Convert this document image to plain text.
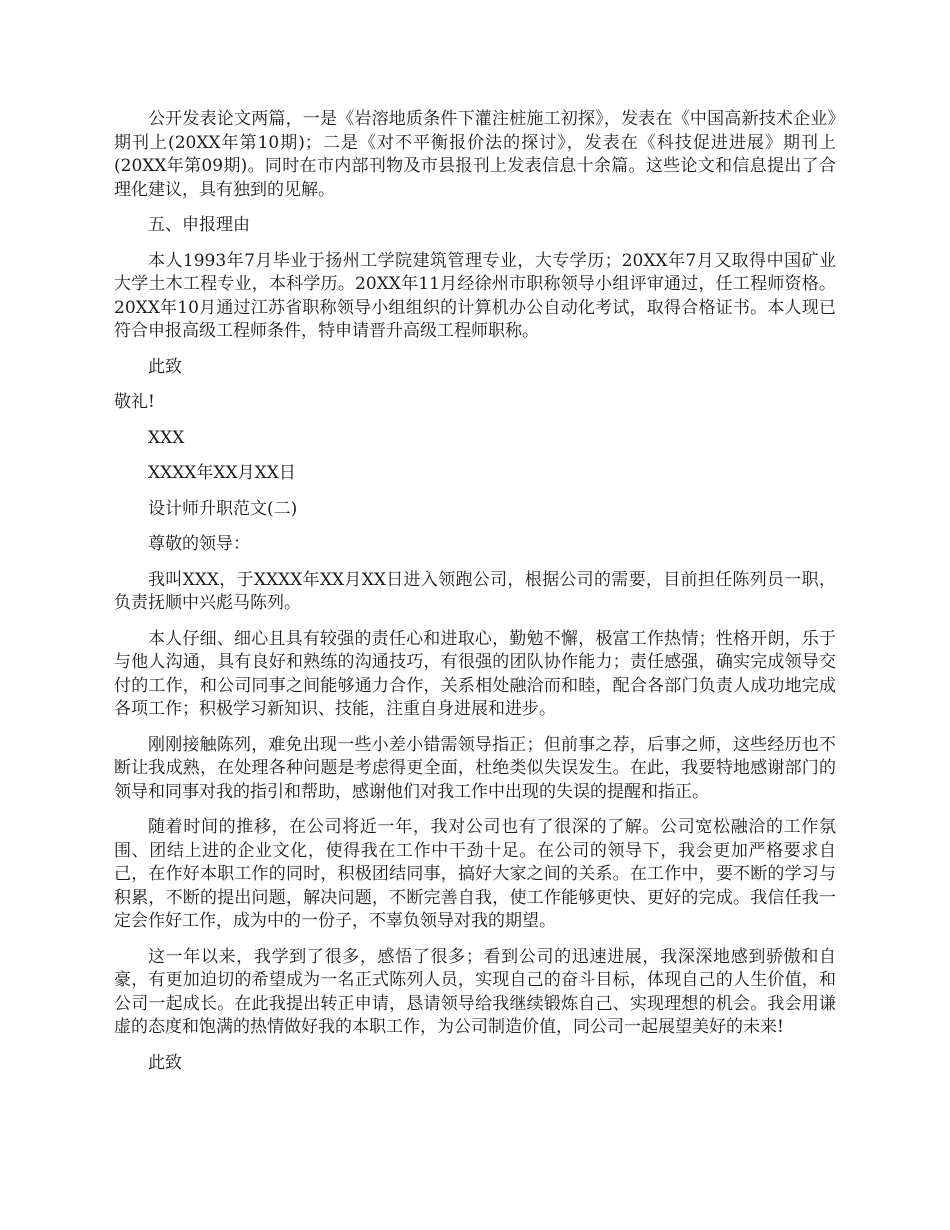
公开发表论文两篇，一是《岩溶地质条件下灌注桩施工初探》，发表在《中国高新技术企业》期刊上(20XX年第10期)；二是《对不平衡报价法的探讨》，发表在《科技促进进展》期刊上(20XX年第09期)。同时在市内部刊物及市县报刊上发表信息十余篇。这些论文和信息提出了合理化建议，具有独到的见解。

五、申报理由

本人1993年7月毕业于扬州工学院建筑管理专业，大专学历；20XX年7月又取得中国矿业大学土木工程专业，本科学历。20XX年11月经徐州市职称领导小组评审通过，任工程师资格。20XX年10月通过江苏省职称领导小组组织的计算机办公自动化考试，取得合格证书。本人现已符合申报高级工程师条件，特申请晋升高级工程师职称。

此致

敬礼!

XXX

XXXX年XX月XX日

设计师升职范文(二)

尊敬的领导：

我叫XXX，于XXXX年XX月XX日进入领跑公司，根据公司的需要，目前担任陈列员一职，负责抚顺中兴彪马陈列。

本人仔细、细心且具有较强的责任心和进取心，勤勉不懈，极富工作热情；性格开朗，乐于与他人沟通，具有良好和熟练的沟通技巧，有很强的团队协作能力；责任感强，确实完成领导交付的工作，和公司同事之间能够通力合作，关系相处融洽而和睦，配合各部门负责人成功地完成各项工作；积极学习新知识、技能，注重自身进展和进步。

刚刚接触陈列，难免出现一些小差小错需领导指正；但前事之荐，后事之师，这些经历也不断让我成熟，在处理各种问题是考虑得更全面，杜绝类似失误发生。在此，我要特地感谢部门的领导和同事对我的指引和帮助，感谢他们对我工作中出现的失误的提醒和指正。

随着时间的推移，在公司将近一年，我对公司也有了很深的了解。公司宽松融洽的工作氛围、团结上进的企业文化，使得我在工作中干劲十足。在公司的领导下，我会更加严格要求自己，在作好本职工作的同时，积极团结同事，搞好大家之间的关系。在工作中，要不断的学习与积累，不断的提出问题，解决问题，不断完善自我，使工作能够更快、更好的完成。我信任我一定会作好工作，成为中的一份子，不辜负领导对我的期望。

这一年以来，我学到了很多，感悟了很多；看到公司的迅速进展，我深深地感到骄傲和自豪，有更加迫切的希望成为一名正式陈列人员，实现自己的奋斗目标，体现自己的人生价值，和公司一起成长。在此我提出转正申请，恳请领导给我继续锻炼自己、实现理想的机会。我会用谦虚的态度和饱满的热情做好我的本职工作，为公司制造价值，同公司一起展望美好的未来!

此致
